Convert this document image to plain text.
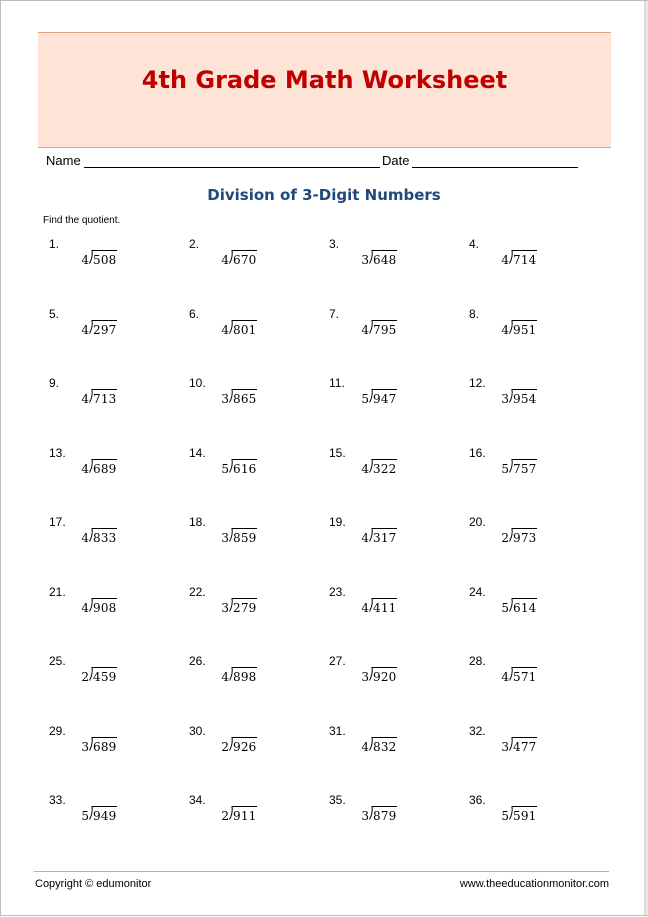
4th Grade Math Worksheet
Name	Date
Division of 3-Digit Numbers
Find the quotient.
1.
4 508
2.
4 670
3.
3 648
4.
4 714
5.
4 297
6.
4 801
7.
4 795
8.
4 951
9.
4 713
10.
3 865
11.
5 947
12.
3 954
13.
4 689
14.
5 616
15.
4 322
16.
5 757
17.
4 833
18.
3 859
19.
4 317
20.
2 973
21.
4 908
22.
3 279
23.
4 411
24.
5 614
25.
2 459
26.
4 898
27.
3 920
28.
4 571
29.
3 689
30.
2 926
31.
4 832
32.
3 477
33.
5 949
34.
2 911
35.
3 879
36.
5 591
Copyright © edumonitor	www.theeducationmonitor.com
